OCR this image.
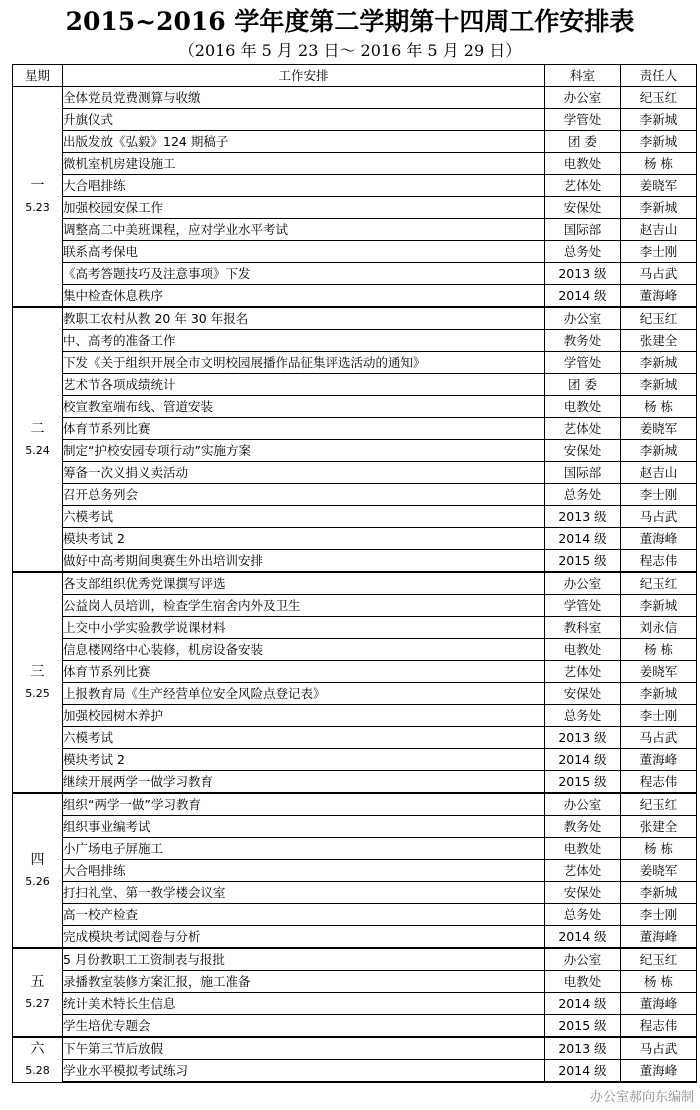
2015~2016 学年度第二学期第十四周工作安排表
（2016 年 5 月 23 日～ 2016 年 5 月 29 日）
星期	工作安排	科室	责任人

一
5.23	全体党员党费测算与收缴	办公室	纪玉红
	升旗仪式	学管处	李新城
	出版发放《弘毅》124 期稿子	团 委	李新城
	微机室机房建设施工	电教处	杨 栋
	大合唱排练	艺体处	姜晓军
	加强校园安保工作	安保处	李新城
	调整高二中美班课程，应对学业水平考试	国际部	赵吉山
	联系高考保电	总务处	李士刚
	《高考答题技巧及注意事项》下发	2013 级	马占武
	集中检查休息秩序	2014 级	董海峰

二
5.24	教职工农村从教 20 年 30 年报名	办公室	纪玉红
	中、高考的准备工作	教务处	张建全
	下发《关于组织开展全市文明校园展播作品征集评选活动的通知》	学管处	李新城
	艺术节各项成绩统计	团 委	李新城
	校宣教室端布线、管道安装	电教处	杨 栋
	体育节系列比赛	艺体处	姜晓军
	制定“护校安园专项行动”实施方案	安保处	李新城
	筹备一次义捐义卖活动	国际部	赵吉山
	召开总务列会	总务处	李士刚
	六模考试	2013 级	马占武
	模块考试 2	2014 级	董海峰
	做好中高考期间奥赛生外出培训安排	2015 级	程志伟

三
5.25	各支部组织优秀党课撰写评选	办公室	纪玉红
	公益岗人员培训，检查学生宿舍内外及卫生	学管处	李新城
	上交中小学实验教学说课材料	教科室	刘永信
	信息楼网络中心装修，机房设备安装	电教处	杨 栋
	体育节系列比赛	艺体处	姜晓军
	上报教育局《生产经营单位安全风险点登记表》	安保处	李新城
	加强校园树木养护	总务处	李士刚
	六模考试	2013 级	马占武
	模块考试 2	2014 级	董海峰
	继续开展两学一做学习教育	2015 级	程志伟

四
5.26	组织“两学一做”学习教育	办公室	纪玉红
	组织事业编考试	教务处	张建全
	小广场电子屏施工	电教处	杨 栋
	大合唱排练	艺体处	姜晓军
	打扫礼堂、第一教学楼会议室	安保处	李新城
	高一校产检查	总务处	李士刚
	完成模块考试阅卷与分析	2014 级	董海峰

五
5.27	5 月份教职工工资制表与报批	办公室	纪玉红
	录播教室装修方案汇报，施工准备	电教处	杨 栋
	统计美术特长生信息	2014 级	董海峰
	学生培优专题会	2015 级	程志伟

六
5.28	下午第三节后放假	2013 级	马占武
	学业水平模拟考试练习	2014 级	董海峰
办公室郝向东编制
